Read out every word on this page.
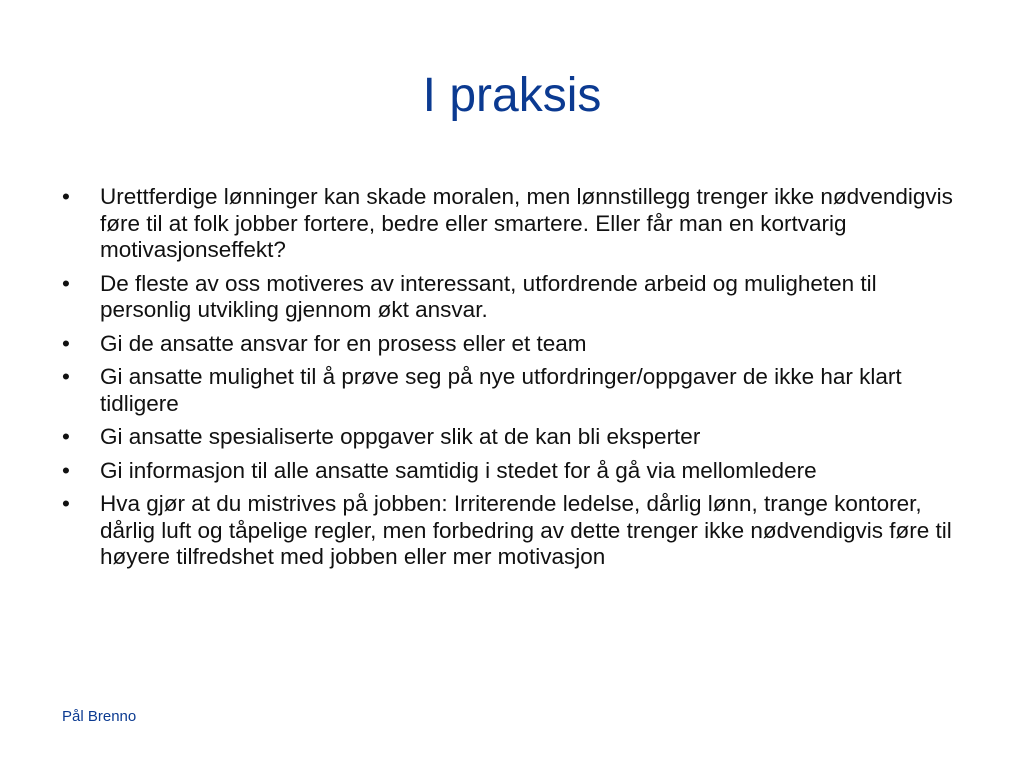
I praksis
•	Urettferdige lønninger kan skade moralen, men lønnstillegg trenger ikke nødvendigvis føre til at folk jobber fortere, bedre eller smartere. Eller får man en kortvarig motivasjonseffekt?
•	De fleste av oss motiveres av interessant, utfordrende arbeid og muligheten til personlig utvikling gjennom økt ansvar.
•	Gi de ansatte ansvar for en prosess eller et team
•	Gi ansatte mulighet til å prøve seg på nye utfordringer/oppgaver de ikke har klart tidligere
•	Gi ansatte spesialiserte oppgaver slik at de kan bli eksperter
•	Gi informasjon til alle ansatte samtidig i stedet for å gå via mellomledere
•	Hva gjør at du mistrives på jobben: Irriterende ledelse, dårlig lønn, trange kontorer, dårlig luft og tåpelige regler, men forbedring av dette trenger ikke nødvendigvis føre til høyere tilfredshet med jobben eller mer motivasjon
Pål Brenno
